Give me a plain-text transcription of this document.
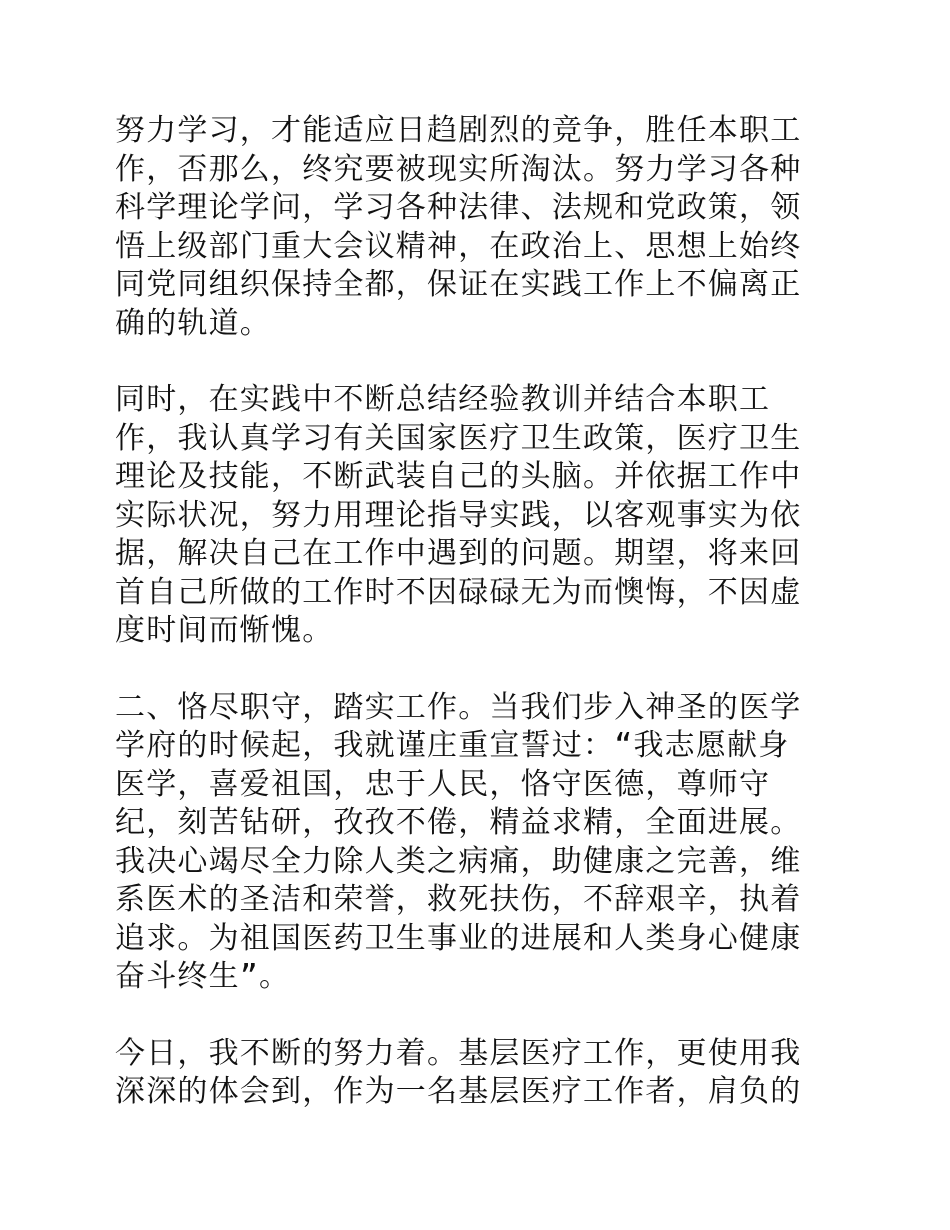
努力学习，才能适应日趋剧烈的竞争，胜任本职工
作，否那么，终究要被现实所淘汰。努力学习各种
科学理论学问，学习各种法律、法规和党政策，领
悟上级部门重大会议精神，在政治上、思想上始终
同党同组织保持全都，保证在实践工作上不偏离正
确的轨道。

同时，在实践中不断总结经验教训并结合本职工
作，我认真学习有关国家医疗卫生政策，医疗卫生
理论及技能，不断武装自己的头脑。并依据工作中
实际状况，努力用理论指导实践，以客观事实为依
据，解决自己在工作中遇到的问题。期望，将来回
首自己所做的工作时不因碌碌无为而懊悔，不因虚
度时间而惭愧。

二、恪尽职守，踏实工作。当我们步入神圣的医学
学府的时候起，我就谨庄重宣誓过：“我志愿献身
医学，喜爱祖国，忠于人民，恪守医德，尊师守
纪，刻苦钻研，孜孜不倦，精益求精，全面进展。
我决心竭尽全力除人类之病痛，助健康之完善，维
系医术的圣洁和荣誉，救死扶伤，不辞艰辛，执着
追求。为祖国医药卫生事业的进展和人类身心健康
奋斗终生”。

今日，我不断的努力着。基层医疗工作，更使用我
深深的体会到，作为一名基层医疗工作者，肩负的
